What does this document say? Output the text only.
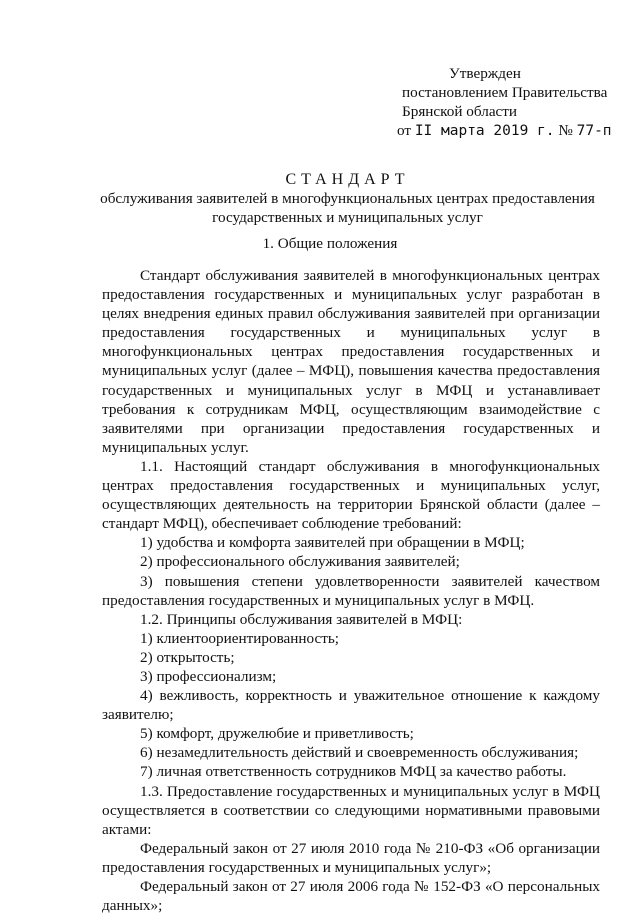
Утвержден
постановлением Правительства
Брянской области
от II марта 2019 г. № 77-п
СТАНДАРТ
обслуживания заявителей в многофункциональных центрах предоставления государственных и муниципальных услуг
1. Общие положения

Стандарт обслуживания заявителей в многофункциональных центрах предоставления государственных и муниципальных услуг разработан в целях внедрения единых правил обслуживания заявителей при организации предоставления государственных и муниципальных услуг в многофункциональных центрах предоставления государственных и муниципальных услуг (далее – МФЦ), повышения качества предоставления государственных и муниципальных услуг в МФЦ и устанавливает требования к сотрудникам МФЦ, осуществляющим взаимодействие с заявителями при организации предоставления государственных и муниципальных услуг.

1.1. Настоящий стандарт обслуживания в многофункциональных центрах предоставления государственных и муниципальных услуг, осуществляющих деятельность на территории Брянской области (далее – стандарт МФЦ), обеспечивает соблюдение требований:

1) удобства и комфорта заявителей при обращении в МФЦ;

2) профессионального обслуживания заявителей;

3) повышения степени удовлетворенности заявителей качеством предоставления государственных и муниципальных услуг в МФЦ.

1.2. Принципы обслуживания заявителей в МФЦ:

1) клиентоориентированность;

2) открытость;

3) профессионализм;

4) вежливость, корректность и уважительное отношение к каждому заявителю;

5) комфорт, дружелюбие и приветливость;

6) незамедлительность действий и своевременность обслуживания;

7) личная ответственность сотрудников МФЦ за качество работы.

1.3. Предоставление государственных и муниципальных услуг в МФЦ осуществляется в соответствии со следующими нормативными правовыми актами:

Федеральный закон от 27 июля 2010 года № 210-ФЗ «Об организации предоставления государственных и муниципальных услуг»;

Федеральный закон от 27 июля 2006 года № 152-ФЗ «О персональных данных»;
